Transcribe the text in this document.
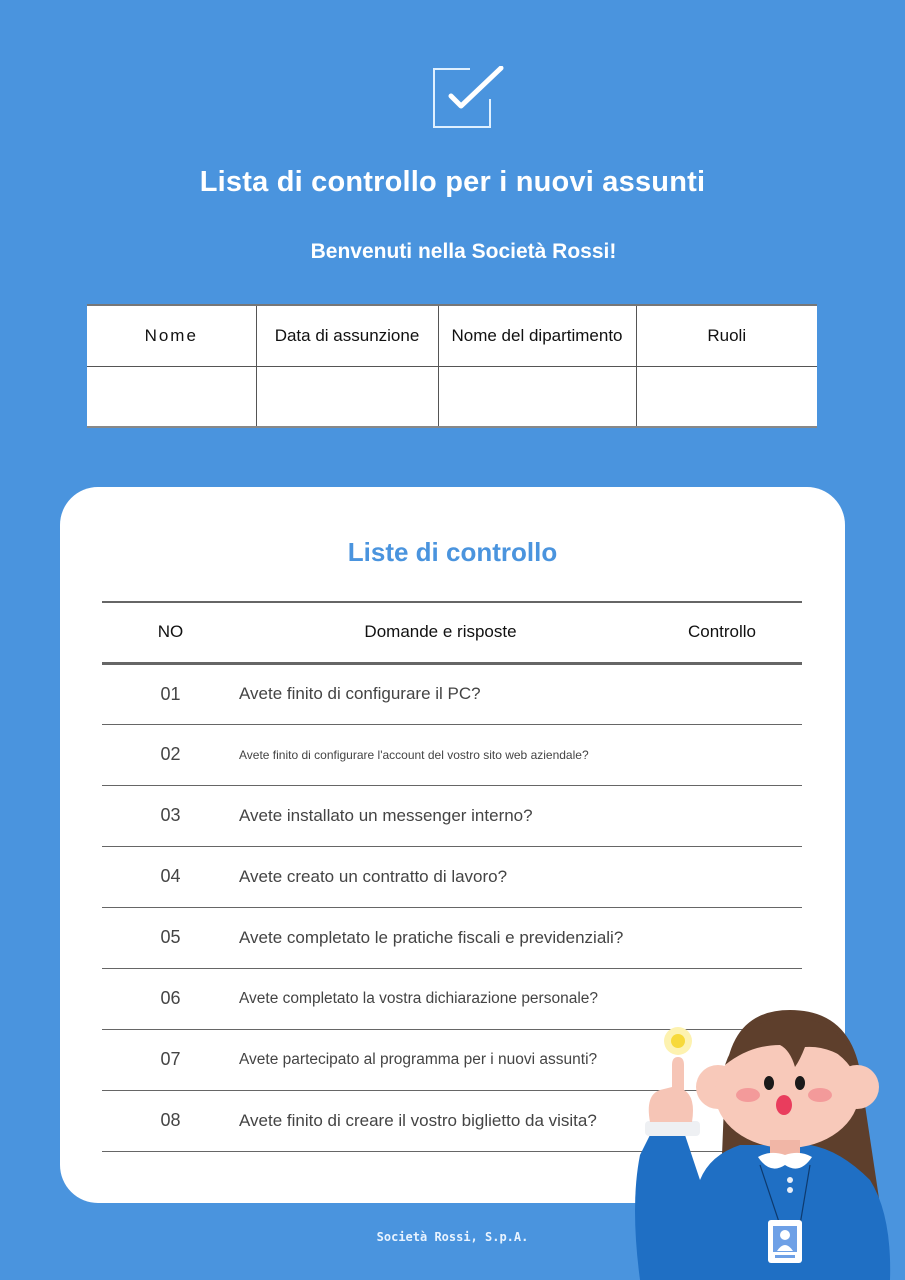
Lista di controllo per i nuovi assunti
Benvenuti nella Società Rossi!
Nome	Data di assunzione	Nome del dipartimento	Ruoli

Liste di controllo
NO	Domande e risposte	Controllo
01	Avete finito di configurare il PC?	
02	Avete finito di configurare l'account del vostro sito web aziendale?	
03	Avete installato un messenger interno?	
04	Avete creato un contratto di lavoro?	
05	Avete completato le pratiche fiscali e previdenziali?	
06	Avete completato la vostra dichiarazione personale?	
07	Avete partecipato al programma per i nuovi assunti?	
08	Avete finito di creare il vostro biglietto da visita?	
Società Rossi, S.p.A.
